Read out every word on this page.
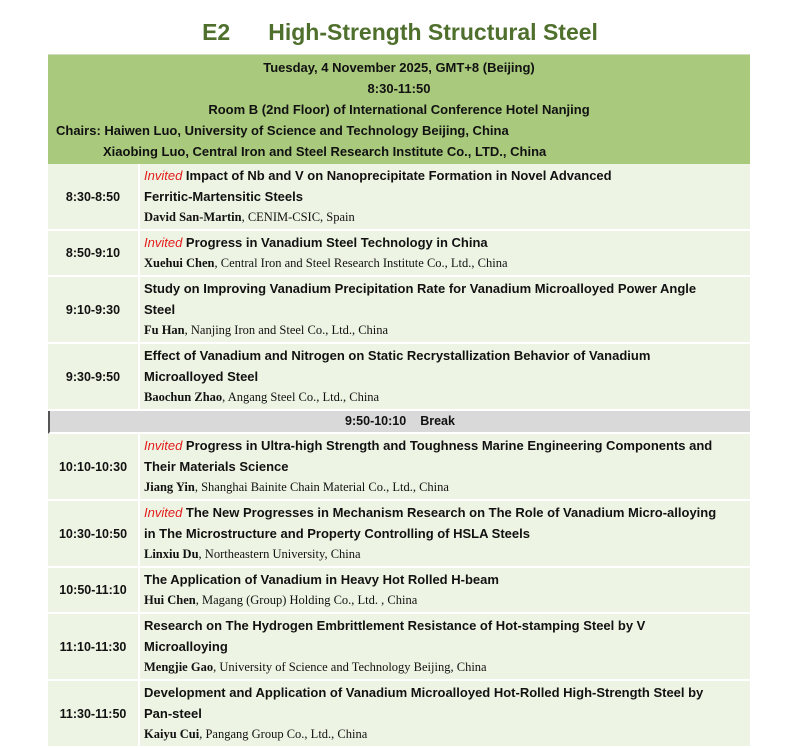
E2 High-Strength Structural Steel
Tuesday, 4 November 2025, GMT+8 (Beijing)
8:30-11:50
Room B (2nd Floor) of International Conference Hotel Nanjing
Chairs: Haiwen Luo, University of Science and Technology Beijing, China
Xiaobing Luo, Central Iron and Steel Research Institute Co., LTD., China
8:30-8:50
Invited Impact of Nb and V on Nanoprecipitate Formation in Novel Advanced
Ferritic-Martensitic Steels
David San-Martin, CENIM-CSIC, Spain
8:50-9:10
Invited Progress in Vanadium Steel Technology in China
Xuehui Chen, Central Iron and Steel Research Institute Co., Ltd., China
9:10-9:30
Study on Improving Vanadium Precipitation Rate for Vanadium Microalloyed Power Angle
Steel
Fu Han, Nanjing Iron and Steel Co., Ltd., China
9:30-9:50
Effect of Vanadium and Nitrogen on Static Recrystallization Behavior of Vanadium
Microalloyed Steel
Baochun Zhao, Angang Steel Co., Ltd., China
9:50-10:10 Break
10:10-10:30
Invited Progress in Ultra-high Strength and Toughness Marine Engineering Components and
Their Materials Science
Jiang Yin, Shanghai Bainite Chain Material Co., Ltd., China
10:30-10:50
Invited The New Progresses in Mechanism Research on The Role of Vanadium Micro-alloying
in The Microstructure and Property Controlling of HSLA Steels
Linxiu Du, Northeastern University, China
10:50-11:10
The Application of Vanadium in Heavy Hot Rolled H-beam
Hui Chen, Magang (Group) Holding Co., Ltd. , China
11:10-11:30
Research on The Hydrogen Embrittlement Resistance of Hot-stamping Steel by V
Microalloying
Mengjie Gao, University of Science and Technology Beijing, China
11:30-11:50
Development and Application of Vanadium Microalloyed Hot-Rolled High-Strength Steel by
Pan-steel
Kaiyu Cui, Pangang Group Co., Ltd., China
